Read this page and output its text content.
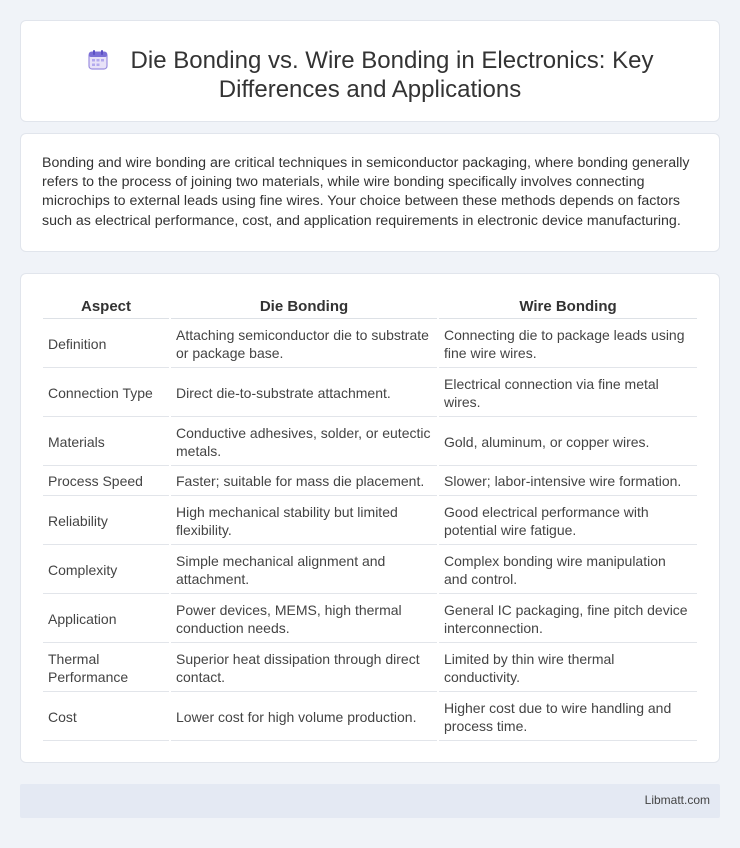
Die Bonding vs. Wire Bonding in Electronics: Key Differences and Applications

Bonding and wire bonding are critical techniques in semiconductor packaging, where bonding generally refers to the process of joining two materials, while wire bonding specifically involves connecting microchips to external leads using fine wires. Your choice between these methods depends on factors such as electrical performance, cost, and application requirements in electronic device manufacturing.

Aspect	Die Bonding	Wire Bonding
Definition	Attaching semiconductor die to substrate or package base.	Connecting die to package leads using fine wire wires.
Connection Type	Direct die-to-substrate attachment.	Electrical connection via fine metal wires.
Materials	Conductive adhesives, solder, or eutectic metals.	Gold, aluminum, or copper wires.
Process Speed	Faster; suitable for mass die placement.	Slower; labor-intensive wire formation.
Reliability	High mechanical stability but limited flexibility.	Good electrical performance with potential wire fatigue.
Complexity	Simple mechanical alignment and attachment.	Complex bonding wire manipulation and control.
Application	Power devices, MEMS, high thermal conduction needs.	General IC packaging, fine pitch device interconnection.
Thermal Performance	Superior heat dissipation through direct contact.	Limited by thin wire thermal conductivity.
Cost	Lower cost for high volume production.	Higher cost due to wire handling and process time.
Libmatt.com
